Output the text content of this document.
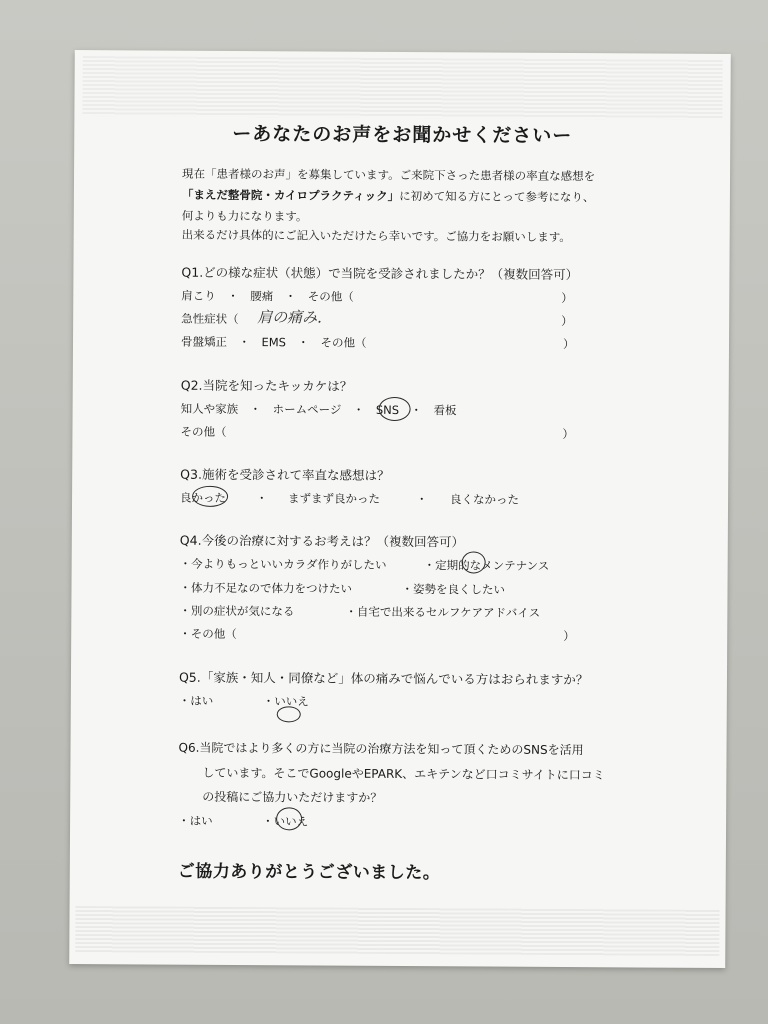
ーあなたのお声をお聞かせくださいー
現在「患者様のお声」を募集しています。ご来院下さった患者様の率直な感想を
「まえだ整骨院・カイロプラクティック」に初めて知る方にとって参考になり、
何よりも力になります。
出来るだけ具体的にご記入いただけたら幸いです。ご協力をお願いします。
Q1.どの様な症状（状態）で当院を受診されましたか？（複数回答可）
肩こり　・　腰痛　・　その他（	）
急性症状（ 肩の痛み.	）
骨盤矯正　・　EMS　・　その他（	）
Q2.当院を知ったキッカケは？
知人や家族　・　ホームページ　・　SNS　・　看板
その他（	）
Q3.施術を受診されて率直な感想は？
良かった	・ まずまず良かった	・ 良くなかった
Q4.今後の治療に対するお考えは？（複数回答可）
・今よりもっといいカラダ作りがしたい	・定期的なメンテナンス
・体力不足なので体力をつけたい	・姿勢を良くしたい
・別の症状が気になる	・自宅で出来るセルフケアアドバイス
・その他（	）
Q5.「家族・知人・同僚など」体の痛みで悩んでいる方はおられますか？
・はい	・いいえ
Q6.当院ではより多くの方に当院の治療方法を知って頂くためのSNSを活用
しています。そこでGoogleやEPARK、エキテンなど口コミサイトに口コミ
の投稿にご協力いただけますか？
・はい	・いいえ
ご協力ありがとうございました。
